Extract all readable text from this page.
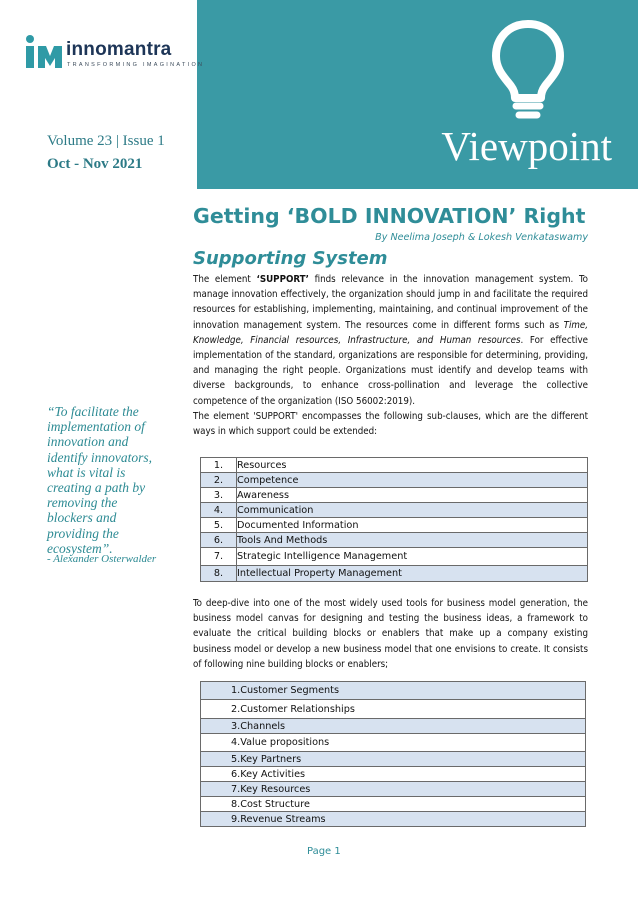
Viewpoint
innomantra
TRANSFORMING IMAGINATION
Volume 23 | Issue 1
Oct - Nov 2021
“To facilitate the implementation of innovation and identify innovators, what is vital is creating a path by removing the blockers and providing the ecosystem”.
- Alexander Osterwalder
Getting ‘BOLD INNOVATION’ Right
By Neelima Joseph & Lokesh Venkataswamy
Supporting System

The element ‘SUPPORT’ finds relevance in the innovation management system. To manage innovation effectively, the organization should jump in and facilitate the required resources for establishing, implementing, maintaining, and continual improvement of the innovation management system. The resources come in different forms such as Time, Knowledge, Financial resources, Infrastructure, and Human resources. For effective implementation of the standard, organizations are responsible for determining, providing, and managing the right people. Organizations must identify and develop teams with diverse backgrounds, to enhance cross-pollination and leverage the collective competence of the organization (ISO 56002:2019).

The element 'SUPPORT' encompasses the following sub-clauses, which are the different ways in which support could be extended:

1.	Resources
2.	Competence
3.	Awareness
4.	Communication
5.	Documented Information
6.	Tools And Methods
7.	Strategic Intelligence Management
8.	Intellectual Property Management

To deep-dive into one of the most widely used tools for business model generation, the business model canvas for designing and testing the business ideas, a framework to evaluate the critical building blocks or enablers that make up a company existing business model or develop a new business model that one envisions to create. It consists of following nine building blocks or enablers;

1.Customer Segments
2.Customer Relationships
3.Channels
4.Value propositions
5.Key Partners
6.Key Activities
7.Key Resources
8.Cost Structure
9.Revenue Streams
Page 1
